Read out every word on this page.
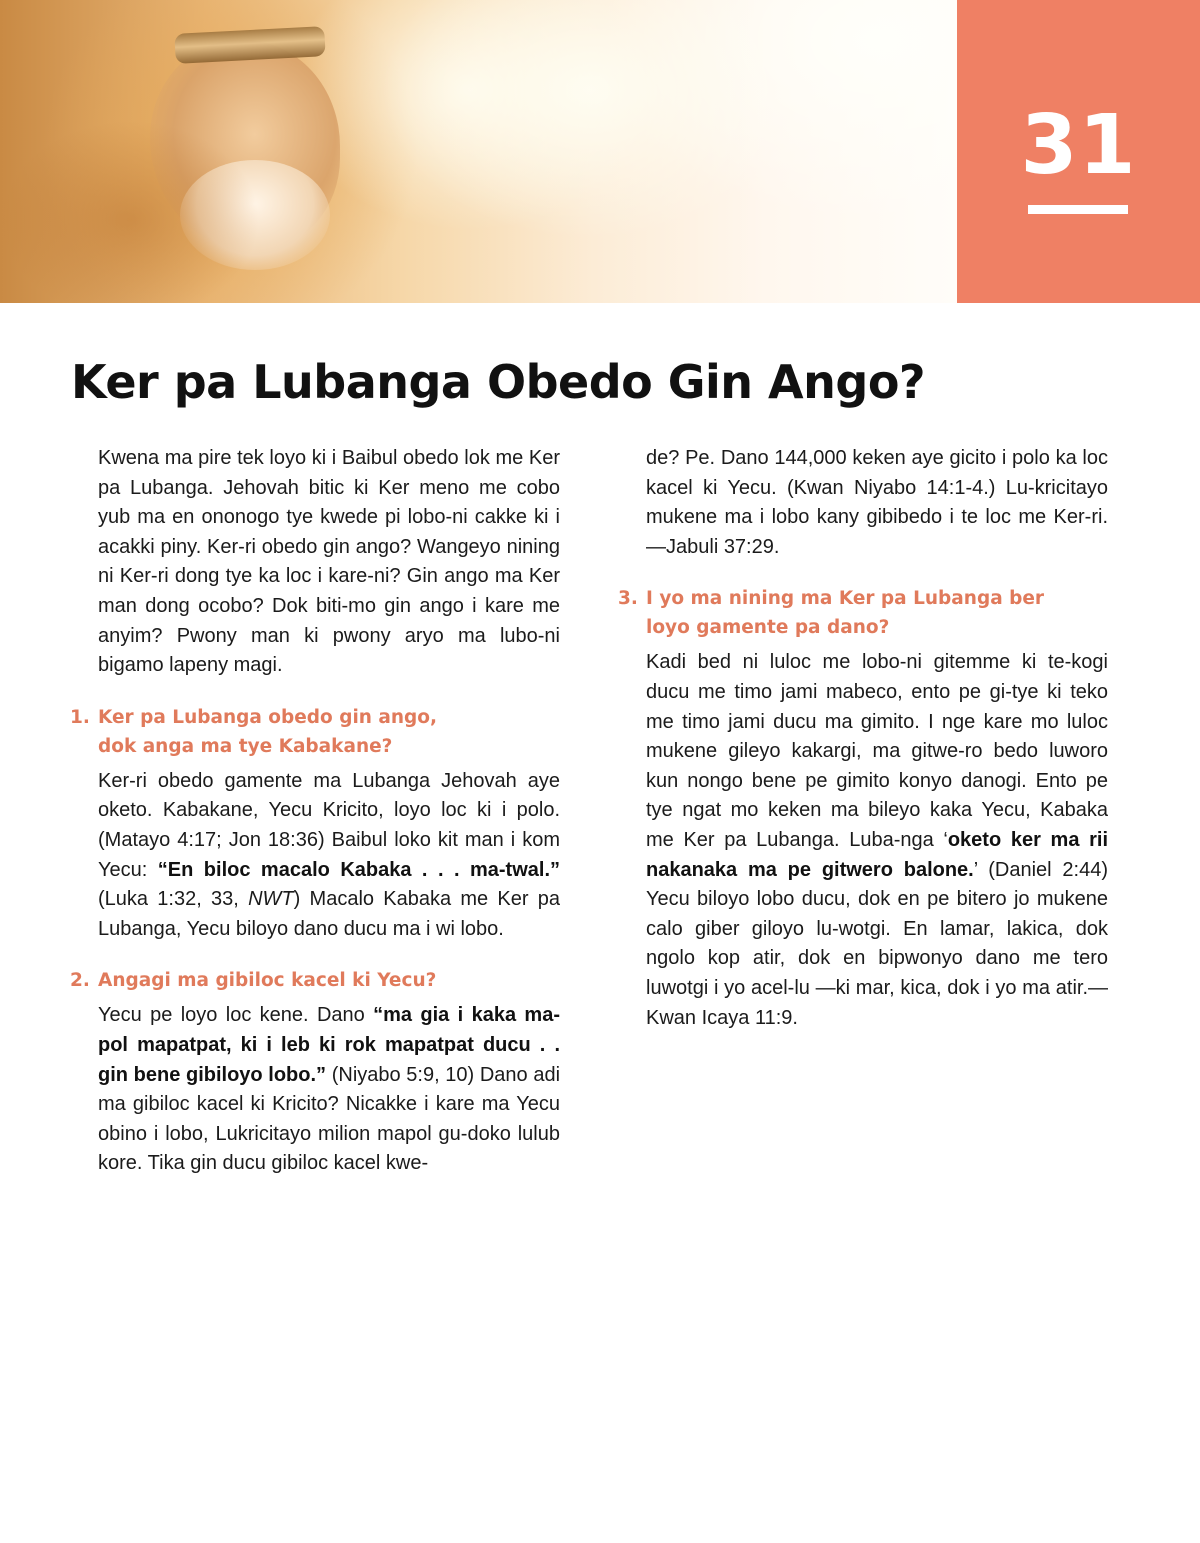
31
Ker pa Lubanga Obedo Gin Ango?

Kwena ma pire tek loyo ki i Baibul obedo lok me Ker pa Lubanga. Jehovah bitic ki Ker meno me cobo yub ma en ononogo tye kwede pi lobo-ni cakke ki i acakki piny. Ker-ri obedo gin ango? Wangeyo nining ni Ker-ri dong tye ka loc i kare-ni? Gin ango ma Ker man dong ocobo? Dok biti-mo gin ango i kare me anyim? Pwony man ki pwony aryo ma lubo-ni bigamo lapeny magi.

1. Ker pa Lubanga obedo gin ango,
dok anga ma tye Kabakane?

Ker-ri obedo gamente ma Lubanga Jehovah aye oketo. Kabakane, Yecu Kricito, loyo loc ki i polo. (Matayo 4:17; Jon 18:36) Baibul loko kit man i kom Yecu: “En biloc macalo Kabaka . . . ma-twal.” (Luka 1:32, 33, NWT) Macalo Kabaka me Ker pa Lubanga, Yecu biloyo dano ducu ma i wi lobo.

2. Angagi ma gibiloc kacel ki Yecu?

Yecu pe loyo loc kene. Dano “ma gia i kaka ma-pol mapatpat, ki i leb ki rok mapatpat ducu . . gin bene gibiloyo lobo.” (Niyabo 5:9, 10) Dano adi ma gibiloc kacel ki Kricito? Nicakke i kare ma Yecu obino i lobo, Lukricitayo milion mapol gu-doko lulub kore. Tika gin ducu gibiloc kacel kwe-

de? Pe. Dano 144,000 keken aye gicito i polo ka loc kacel ki Yecu. (Kwan Niyabo 14:1-4.) Lu-kricitayo mukene ma i lobo kany gibibedo i te loc me Ker-ri.—Jabuli 37:29.

3. I yo ma nining ma Ker pa Lubanga ber
loyo gamente pa dano?

Kadi bed ni luloc me lobo-ni gitemme ki te-kogi ducu me timo jami mabeco, ento pe gi-tye ki teko me timo jami ducu ma gimito. I nge kare mo luloc mukene gileyo kakargi, ma gitwe-ro bedo luworo kun nongo bene pe gimito konyo danogi. Ento pe tye ngat mo keken ma bileyo kaka Yecu, Kabaka me Ker pa Lubanga. Luba-nga ‘oketo ker ma rii nakanaka ma pe gitwero balone.’ (Daniel 2:44) Yecu biloyo lobo ducu, dok en pe bitero jo mukene calo giber giloyo lu-wotgi. En lamar, lakica, dok ngolo kop atir, dok en bipwonyo dano me tero luwotgi i yo acel-lu —ki mar, kica, dok i yo ma atir.—Kwan Icaya 11:9.
